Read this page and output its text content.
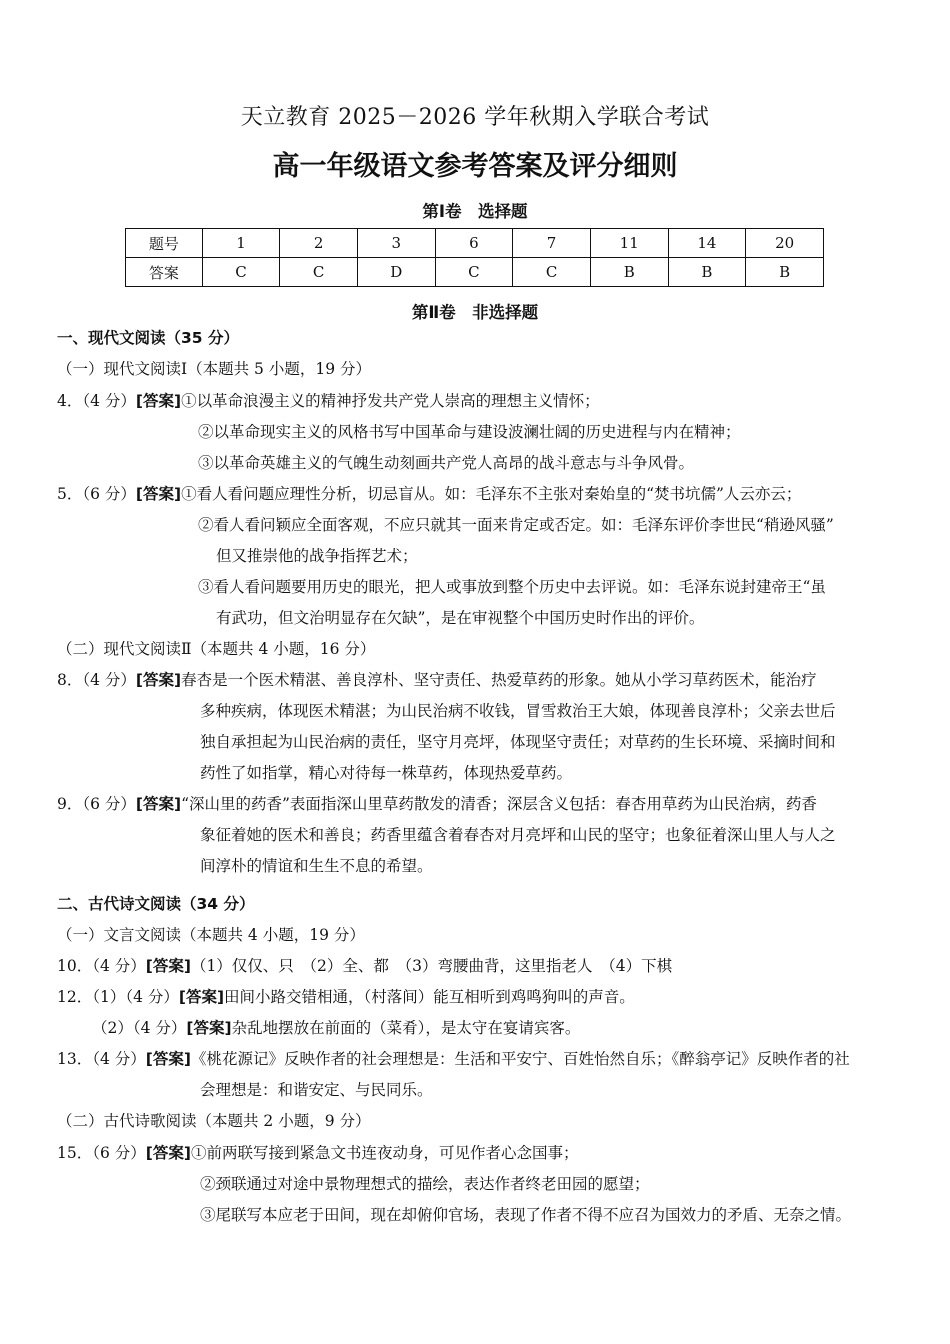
天立教育 2025－2026 学年秋期入学联合考试
高一年级语文参考答案及评分细则
第Ⅰ卷　选择题
题号	1	2	3	6	7	11	14	20
答案	C	C	D	C	C	B	B	B
第Ⅱ卷　非选择题
一、现代文阅读（35 分）
（一）现代文阅读Ⅰ（本题共 5 小题，19 分）
4．（4 分）[答案]①以革命浪漫主义的精神抒发共产党人崇高的理想主义情怀；
②以革命现实主义的风格书写中国革命与建设波澜壮阔的历史进程与内在精神；
③以革命英雄主义的气魄生动刻画共产党人高昂的战斗意志与斗争风骨。
5．（6 分）[答案]①看人看问题应理性分析，切忌盲从。如：毛泽东不主张对秦始皇的“焚书坑儒”人云亦云；
②看人看问颖应全面客观，不应只就其一面来肯定或否定。如：毛泽东评价李世民“稍逊风骚”
但又推崇他的战争指挥艺术；
③看人看问题要用历史的眼光，把人或事放到整个历史中去评说。如：毛泽东说封建帝王“虽
有武功，但文治明显存在欠缺”，是在审视整个中国历史时作出的评价。
（二）现代文阅读Ⅱ（本题共 4 小题，16 分）
8．（4 分）[答案]春杏是一个医术精湛、善良淳朴、坚守责任、热爱草药的形象。她从小学习草药医术，能治疗
多种疾病，体现医术精湛；为山民治病不收钱，冒雪救治王大娘，体现善良淳朴；父亲去世后
独自承担起为山民治病的责任，坚守月亮坪，体现坚守责任；对草药的生长环境、采摘时间和
药性了如指掌，精心对待每一株草药，体现热爱草药。
9．（6 分）[答案]“深山里的药香”表面指深山里草药散发的清香；深层含义包括：春杏用草药为山民治病，药香
象征着她的医术和善良；药香里蕴含着春杏对月亮坪和山民的坚守；也象征着深山里人与人之
间淳朴的情谊和生生不息的希望。
二、古代诗文阅读（34 分）
（一）文言文阅读（本题共 4 小题，19 分）
10．（4 分）[答案]（1）仅仅、只　（2）全、都　（3）弯腰曲背，这里指老人　（4）下棋
12．（1）（4 分）[答案]田间小路交错相通，（村落间）能互相听到鸡鸣狗叫的声音。
（2）（4 分）[答案]杂乱地摆放在前面的（菜肴），是太守在宴请宾客。
13．（4 分）[答案]《桃花源记》反映作者的社会理想是：生活和平安宁、百姓怡然自乐；《醉翁亭记》反映作者的社
会理想是：和谐安定、与民同乐。
（二）古代诗歌阅读（本题共 2 小题，9 分）
15．（6 分）[答案]①前两联写接到紧急文书连夜动身，可见作者心念国事；
②颈联通过对途中景物理想式的描绘，表达作者终老田园的愿望；
③尾联写本应老于田间，现在却俯仰官场，表现了作者不得不应召为国效力的矛盾、无奈之情。
